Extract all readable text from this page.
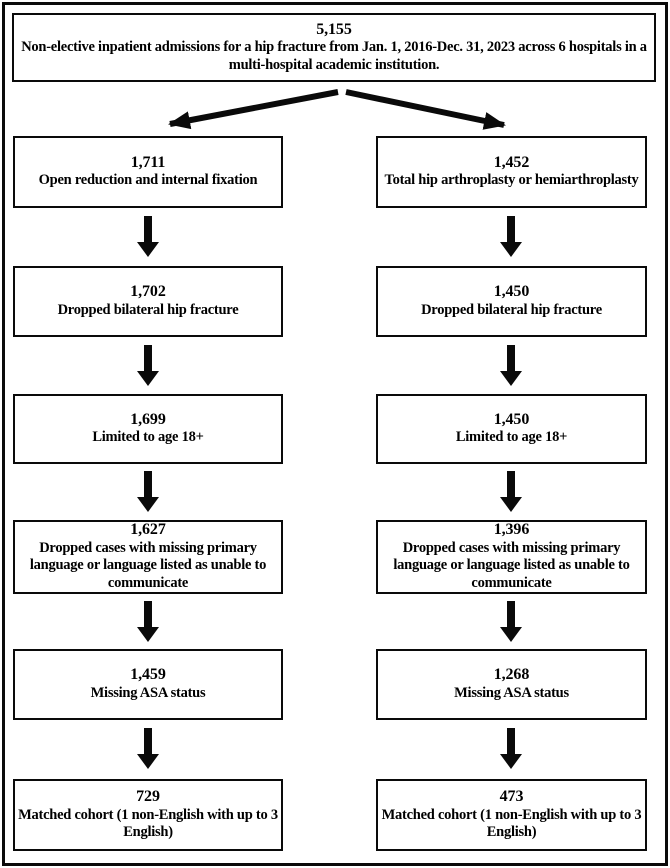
5,155
Non-elective inpatient admissions for a hip fracture from Jan. 1, 2016-Dec. 31, 2023 across 6 hospitals in a multi-hospital academic institution.
1,711
Open reduction and internal fixation
1,702
Dropped bilateral hip fracture
1,699
Limited to age 18+
1,627
Dropped cases with missing primary language or language listed as unable to communicate
1,459
Missing ASA status
729
Matched cohort (1 non-English with up to 3 English)
1,452
Total hip arthroplasty or hemiarthroplasty
1,450
Dropped bilateral hip fracture
1,450
Limited to age 18+
1,396
Dropped cases with missing primary language or language listed as unable to communicate
1,268
Missing ASA status
473
Matched cohort (1 non-English with up to 3 English)
